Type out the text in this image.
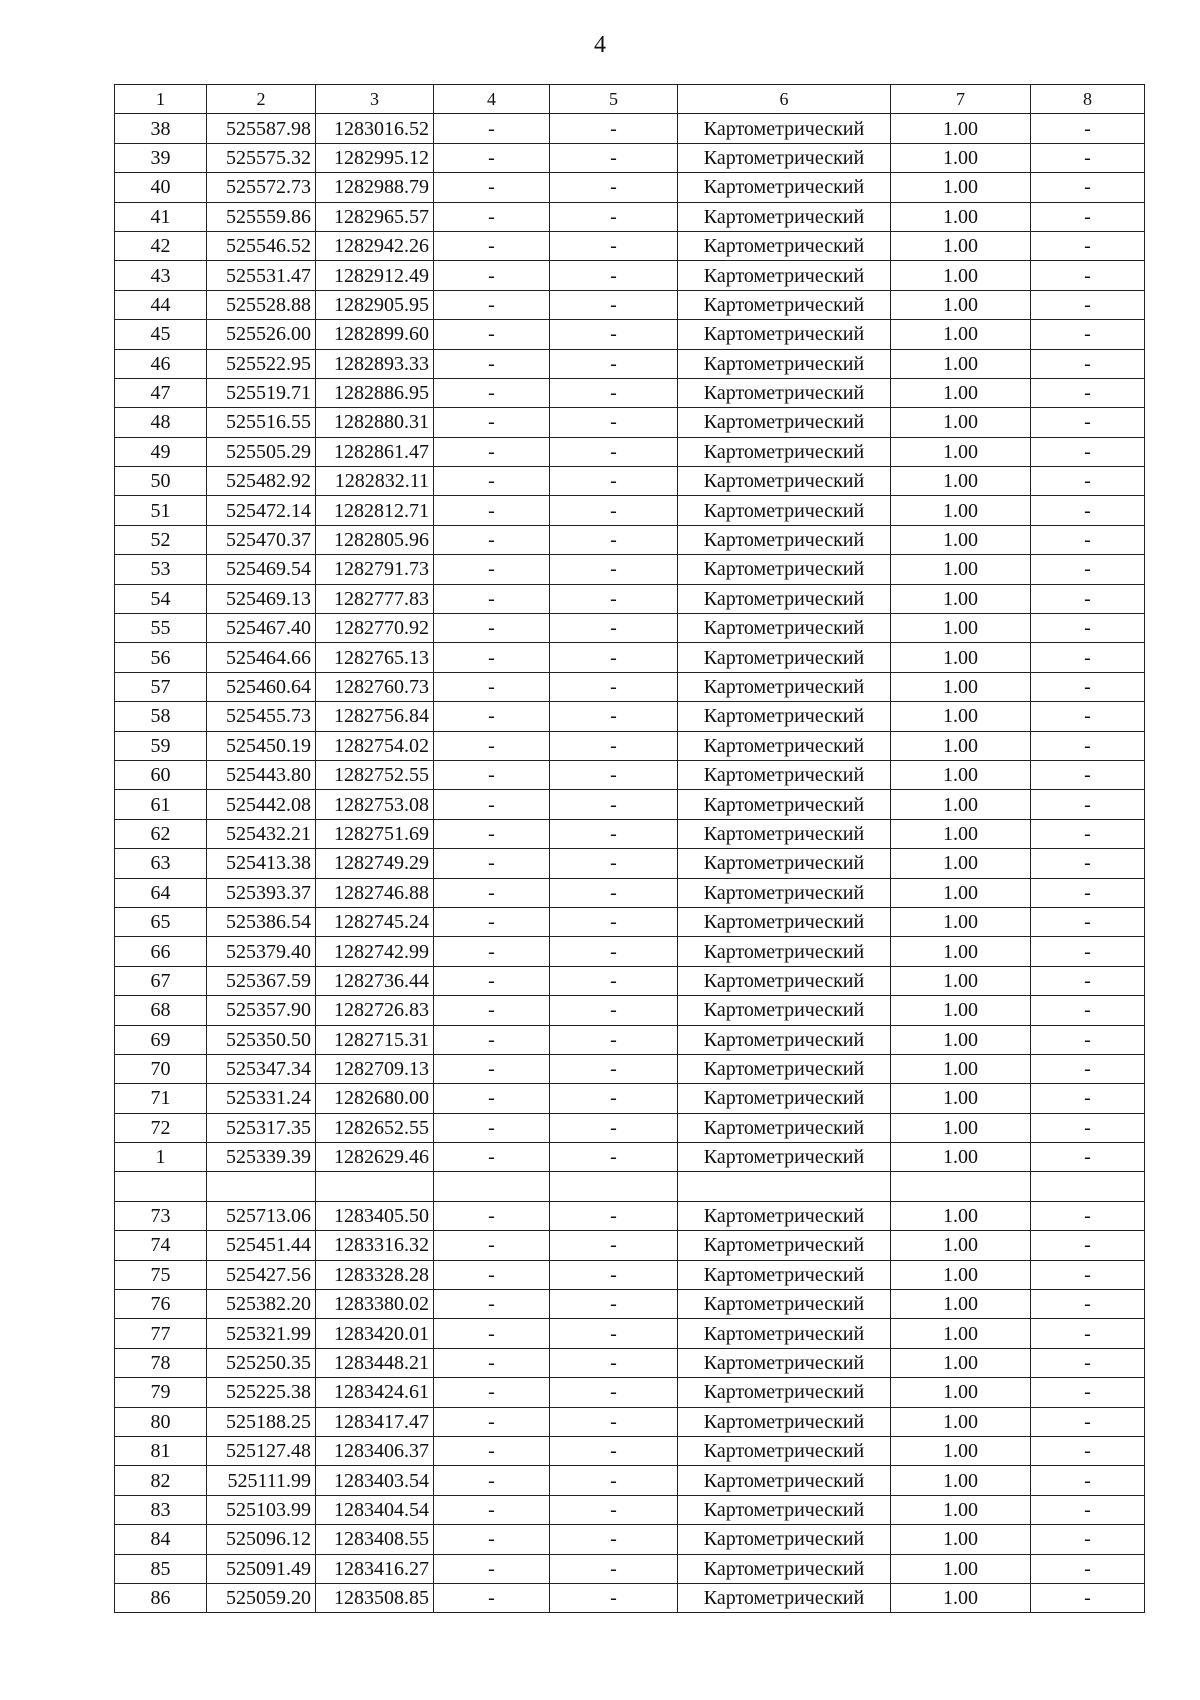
4
1	2	3	4	5	6	7	8
38	525587.98	1283016.52	-	-	Картометрический	1.00	-
39	525575.32	1282995.12	-	-	Картометрический	1.00	-
40	525572.73	1282988.79	-	-	Картометрический	1.00	-
41	525559.86	1282965.57	-	-	Картометрический	1.00	-
42	525546.52	1282942.26	-	-	Картометрический	1.00	-
43	525531.47	1282912.49	-	-	Картометрический	1.00	-
44	525528.88	1282905.95	-	-	Картометрический	1.00	-
45	525526.00	1282899.60	-	-	Картометрический	1.00	-
46	525522.95	1282893.33	-	-	Картометрический	1.00	-
47	525519.71	1282886.95	-	-	Картометрический	1.00	-
48	525516.55	1282880.31	-	-	Картометрический	1.00	-
49	525505.29	1282861.47	-	-	Картометрический	1.00	-
50	525482.92	1282832.11	-	-	Картометрический	1.00	-
51	525472.14	1282812.71	-	-	Картометрический	1.00	-
52	525470.37	1282805.96	-	-	Картометрический	1.00	-
53	525469.54	1282791.73	-	-	Картометрический	1.00	-
54	525469.13	1282777.83	-	-	Картометрический	1.00	-
55	525467.40	1282770.92	-	-	Картометрический	1.00	-
56	525464.66	1282765.13	-	-	Картометрический	1.00	-
57	525460.64	1282760.73	-	-	Картометрический	1.00	-
58	525455.73	1282756.84	-	-	Картометрический	1.00	-
59	525450.19	1282754.02	-	-	Картометрический	1.00	-
60	525443.80	1282752.55	-	-	Картометрический	1.00	-
61	525442.08	1282753.08	-	-	Картометрический	1.00	-
62	525432.21	1282751.69	-	-	Картометрический	1.00	-
63	525413.38	1282749.29	-	-	Картометрический	1.00	-
64	525393.37	1282746.88	-	-	Картометрический	1.00	-
65	525386.54	1282745.24	-	-	Картометрический	1.00	-
66	525379.40	1282742.99	-	-	Картометрический	1.00	-
67	525367.59	1282736.44	-	-	Картометрический	1.00	-
68	525357.90	1282726.83	-	-	Картометрический	1.00	-
69	525350.50	1282715.31	-	-	Картометрический	1.00	-
70	525347.34	1282709.13	-	-	Картометрический	1.00	-
71	525331.24	1282680.00	-	-	Картометрический	1.00	-
72	525317.35	1282652.55	-	-	Картометрический	1.00	-
1	525339.39	1282629.46	-	-	Картометрический	1.00	-

73	525713.06	1283405.50	-	-	Картометрический	1.00	-
74	525451.44	1283316.32	-	-	Картометрический	1.00	-
75	525427.56	1283328.28	-	-	Картометрический	1.00	-
76	525382.20	1283380.02	-	-	Картометрический	1.00	-
77	525321.99	1283420.01	-	-	Картометрический	1.00	-
78	525250.35	1283448.21	-	-	Картометрический	1.00	-
79	525225.38	1283424.61	-	-	Картометрический	1.00	-
80	525188.25	1283417.47	-	-	Картометрический	1.00	-
81	525127.48	1283406.37	-	-	Картометрический	1.00	-
82	525111.99	1283403.54	-	-	Картометрический	1.00	-
83	525103.99	1283404.54	-	-	Картометрический	1.00	-
84	525096.12	1283408.55	-	-	Картометрический	1.00	-
85	525091.49	1283416.27	-	-	Картометрический	1.00	-
86	525059.20	1283508.85	-	-	Картометрический	1.00	-
